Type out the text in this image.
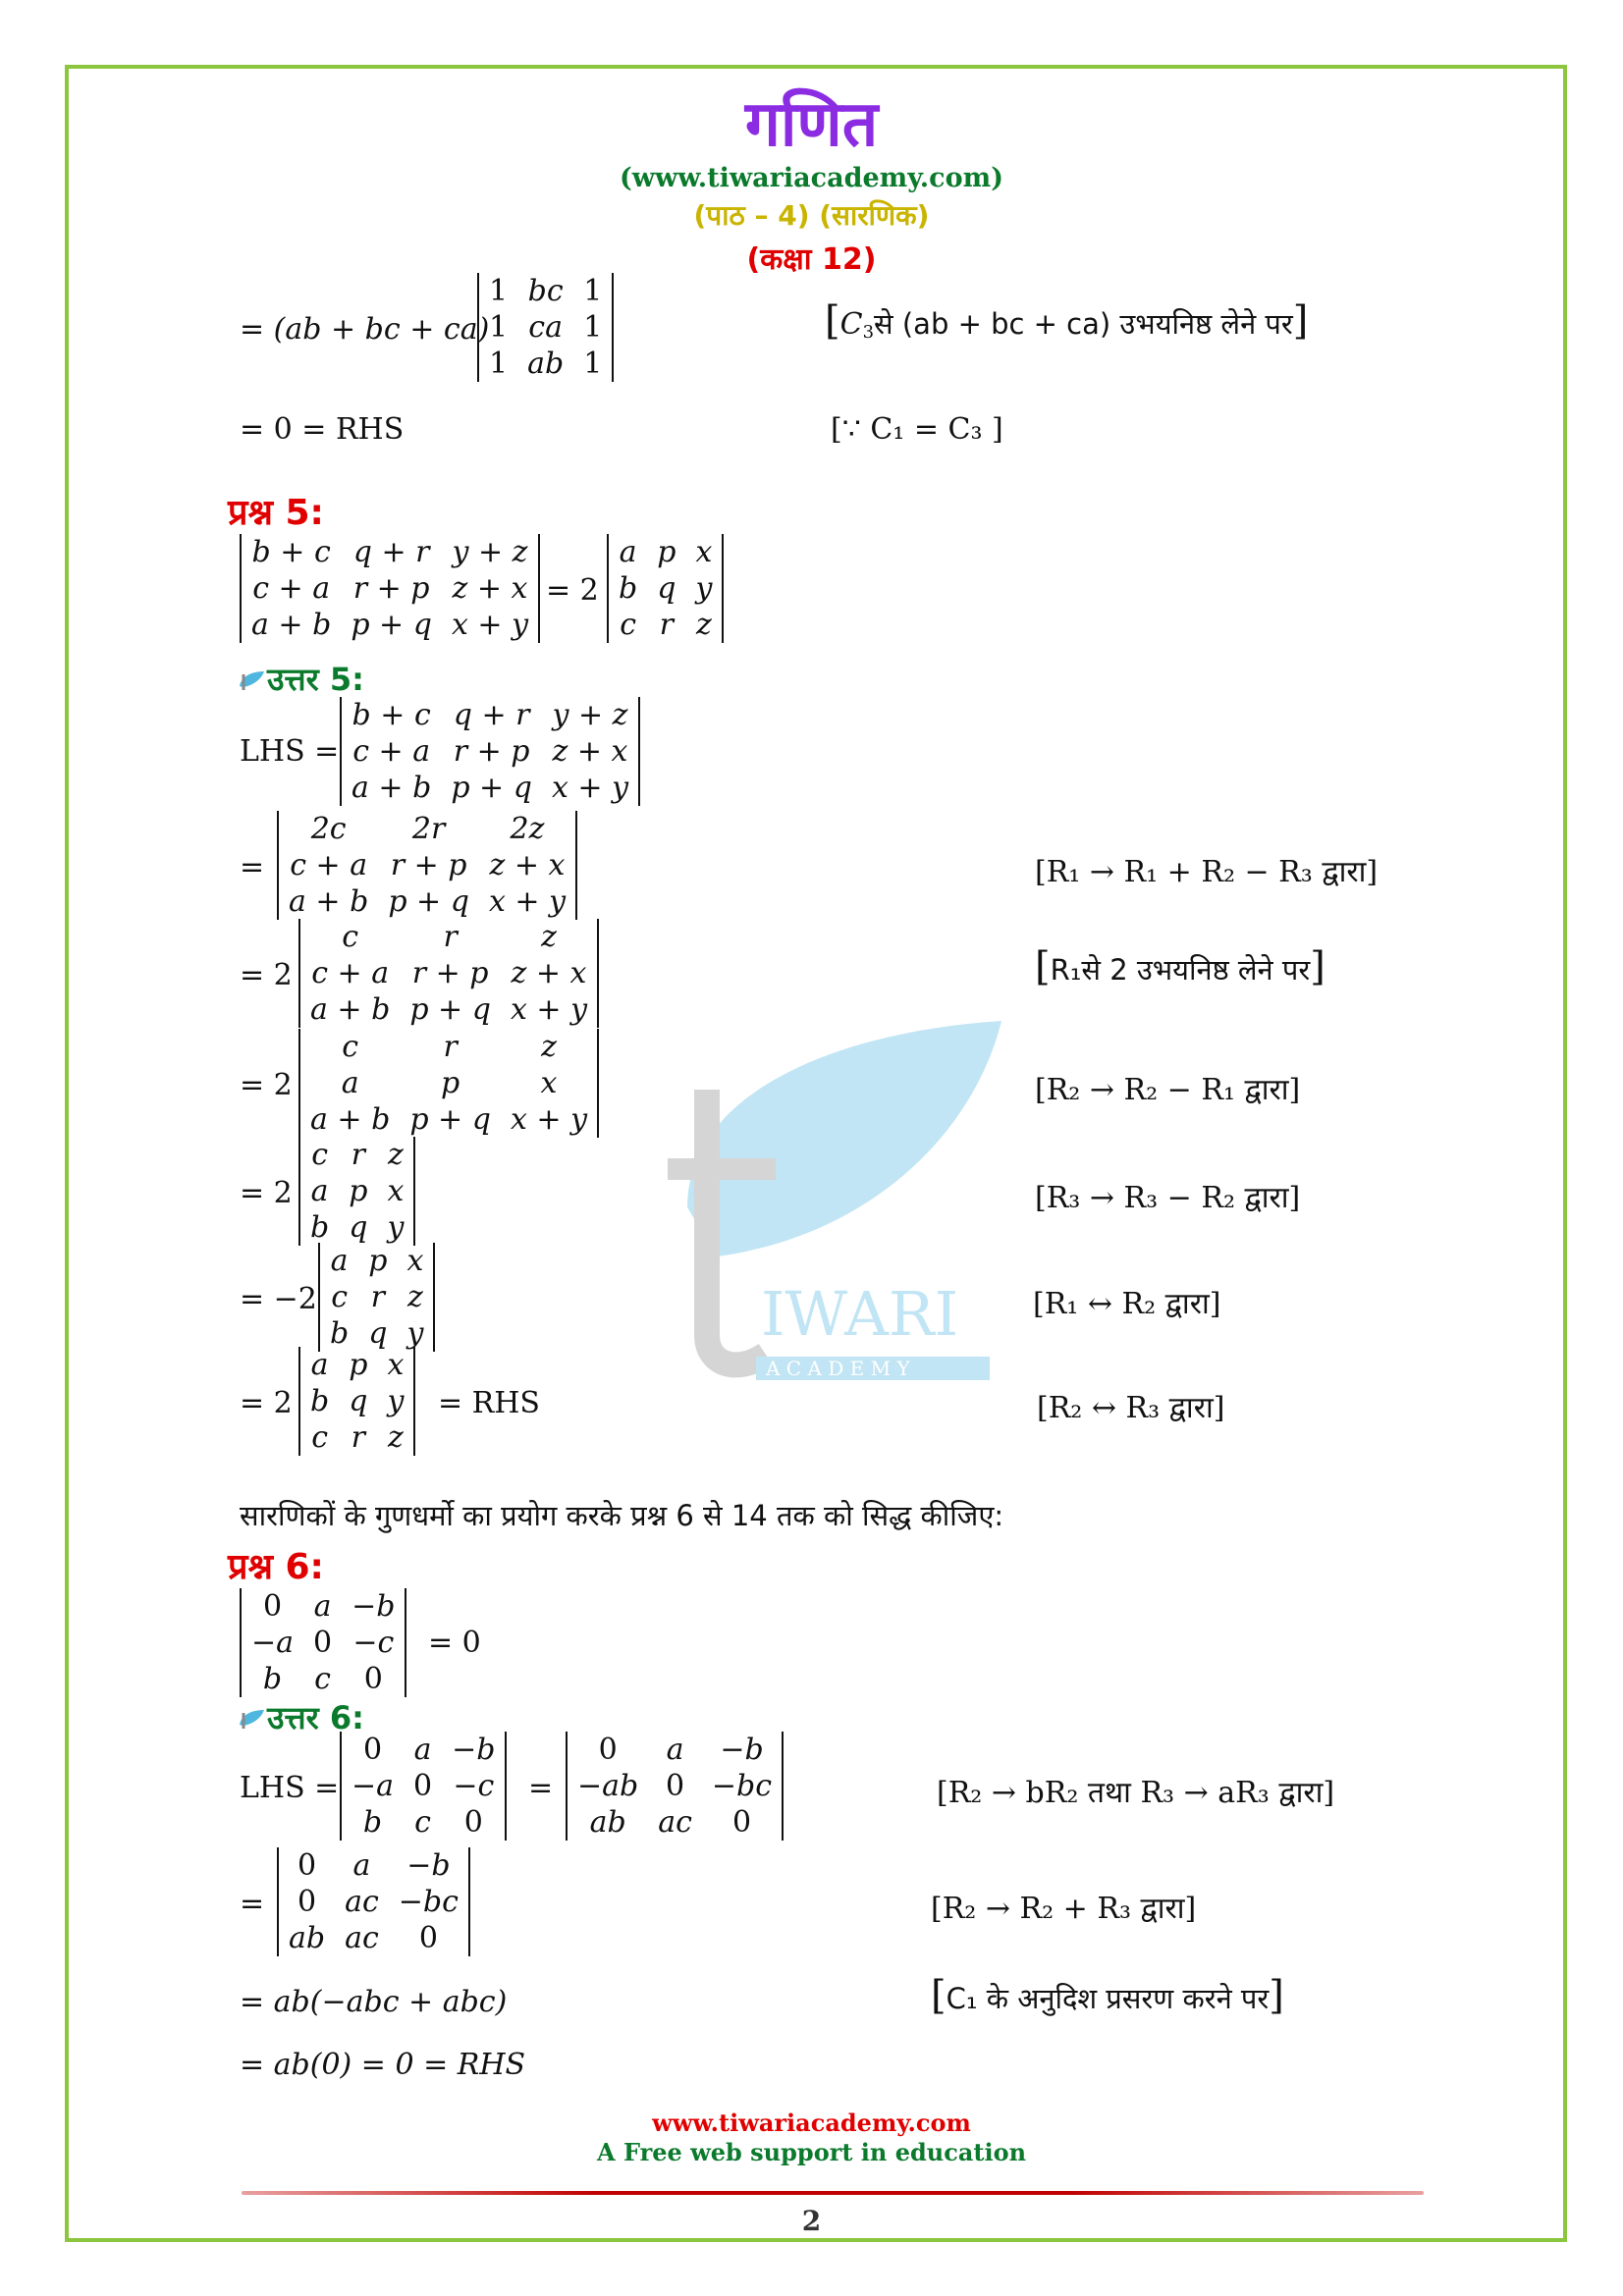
IWARI
A C A D E M Y
गणित
(www.tiwariacademy.com)
(पाठ – 4) (सारणिक)
(कक्षा 12)
= (ab + bc + ca)
1	bc	1
1	ca	1
1	ab	1
[$C_3से$ (ab + bc + ca) उभयनिष्ठ लेने पर]
= 0 = RHS	[∵ C₁ = C₃ ]
प्रश्न 5:
b + c	q + r	y + z
c + a	r + p	z + x
a + b	p + q	x + y
= 2
a	p	x
b	q	y
c	r	z
उत्तर 5:
LHS =
b + c	q + r	y + z
c + a	r + p	z + x
a + b	p + q	x + y
=
2c	2r	2z
c + a	r + p	z + x
a + b	p + q	x + y
[R₁ → R₁ + R₂ − R₃ द्वारा]
= 2
c	r	z
c + a	r + p	z + x
a + b	p + q	x + y
[R₁से 2 उभयनिष्ठ लेने पर]
= 2
c	r	z
a	p	x
a + b	p + q	x + y
[R₂ → R₂ − R₁ द्वारा]
= 2
c	r	z
a	p	x
b	q	y
[R₃ → R₃ − R₂ द्वारा]
= −2
a	p	x
c	r	z
b	q	y
[R₁ ↔ R₂ द्वारा]
= 2
a	p	x
b	q	y
c	r	z
= RHS	[R₂ ↔ R₃ द्वारा]
सारणिकों के गुणधर्मो का प्रयोग करके प्रश्न 6 से 14 तक को सिद्ध कीजिए:
प्रश्न 6:
0	a	−b
−a	0	−c
b	c	0
= 0
उत्तर 6:
LHS =
0	a	−b
−a	0	−c
b	c	0
=
0	a	−b
−ab	0	−bc
ab	ac	0
[R₂ → bR₂ तथा R₃ → aR₃ द्वारा]
=
0	a	−b
0	ac	−bc
ab	ac	0
[R₂ → R₂ + R₃ द्वारा]
= ab(−abc + abc)	[C₁ के अनुदिश प्रसरण करने पर]
= ab(0) = 0 = RHS
www.tiwariacademy.com
A Free web support in education
2
